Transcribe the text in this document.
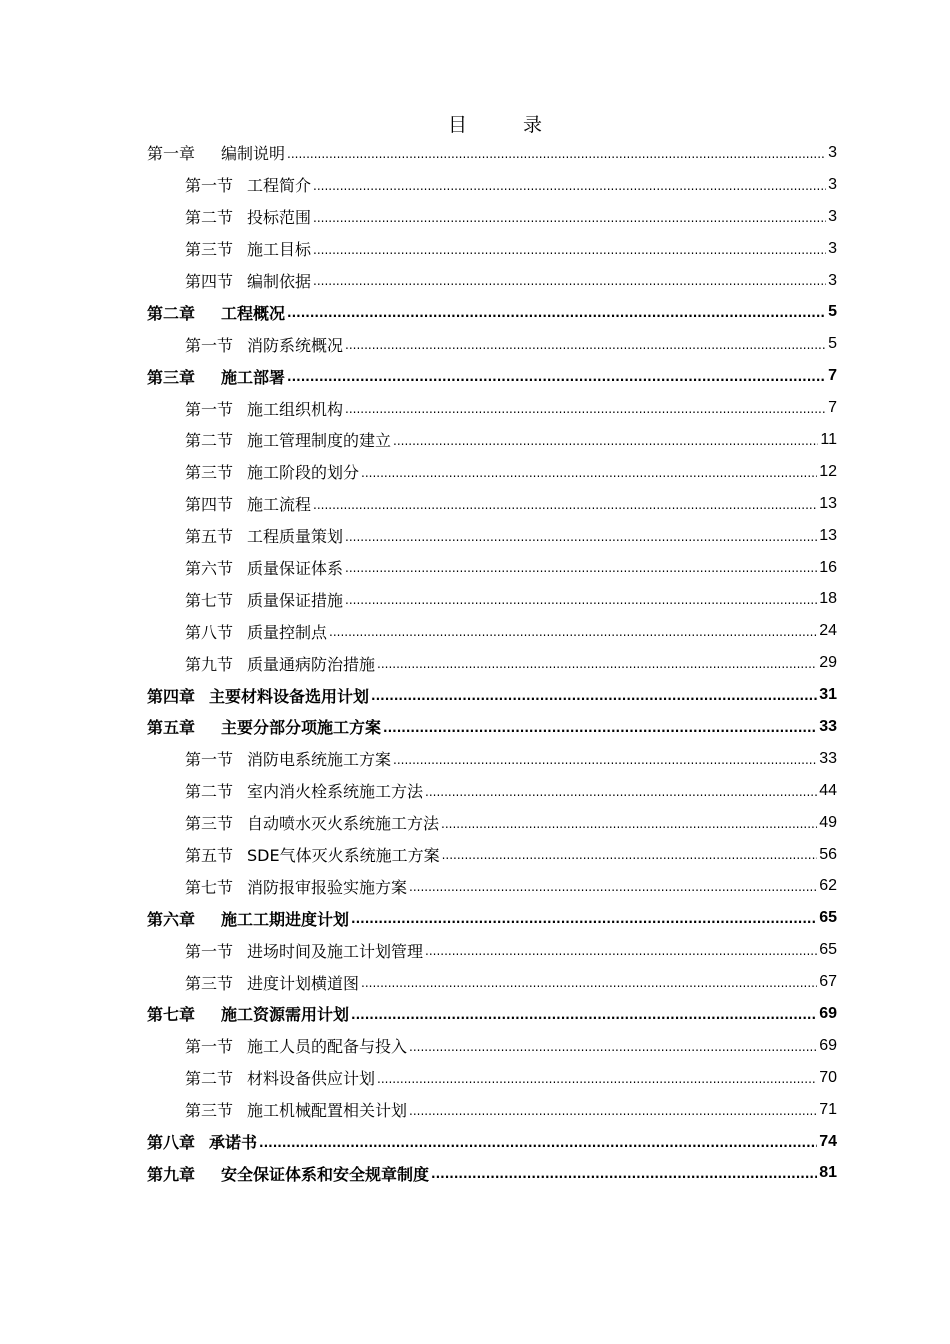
目	录
第一章 编制说明 .....	3
第一节 工程简介 .....	3
第二节 投标范围 .....	3
第三节 施工目标 .....	3
第四节 编制依据 .....	3
第二章 工程概况 .....	5
第一节 消防系统概况 .....	5
第三章 施工部署 .....	7
第一节 施工组织机构 .....	7
第二节 施工管理制度的建立 .....	11
第三节 施工阶段的划分 .....	12
第四节 施工流程 .....	13
第五节 工程质量策划 .....	13
第六节 质量保证体系 .....	16
第七节 质量保证措施 .....	18
第八节 质量控制点 .....	24
第九节 质量通病防治措施 .....	29
第四章 主要材料设备选用计划 .....	31
第五章 主要分部分项施工方案 .....	33
第一节 消防电系统施工方案 .....	33
第二节 室内消火栓系统施工方法 .....	44
第三节 自动喷水灭火系统施工方法 .....	49
第五节 SDE气体灭火系统施工方案 .....	56
第七节 消防报审报验实施方案 .....	62
第六章 施工工期进度计划 .....	65
第一节 进场时间及施工计划管理 .....	65
第三节 进度计划横道图 .....	67
第七章 施工资源需用计划 .....	69
第一节 施工人员的配备与投入 .....	69
第二节 材料设备供应计划 .....	70
第三节 施工机械配置相关计划 .....	71
第八章 承诺书 .....	74
第九章 安全保证体系和安全规章制度 .....	81
